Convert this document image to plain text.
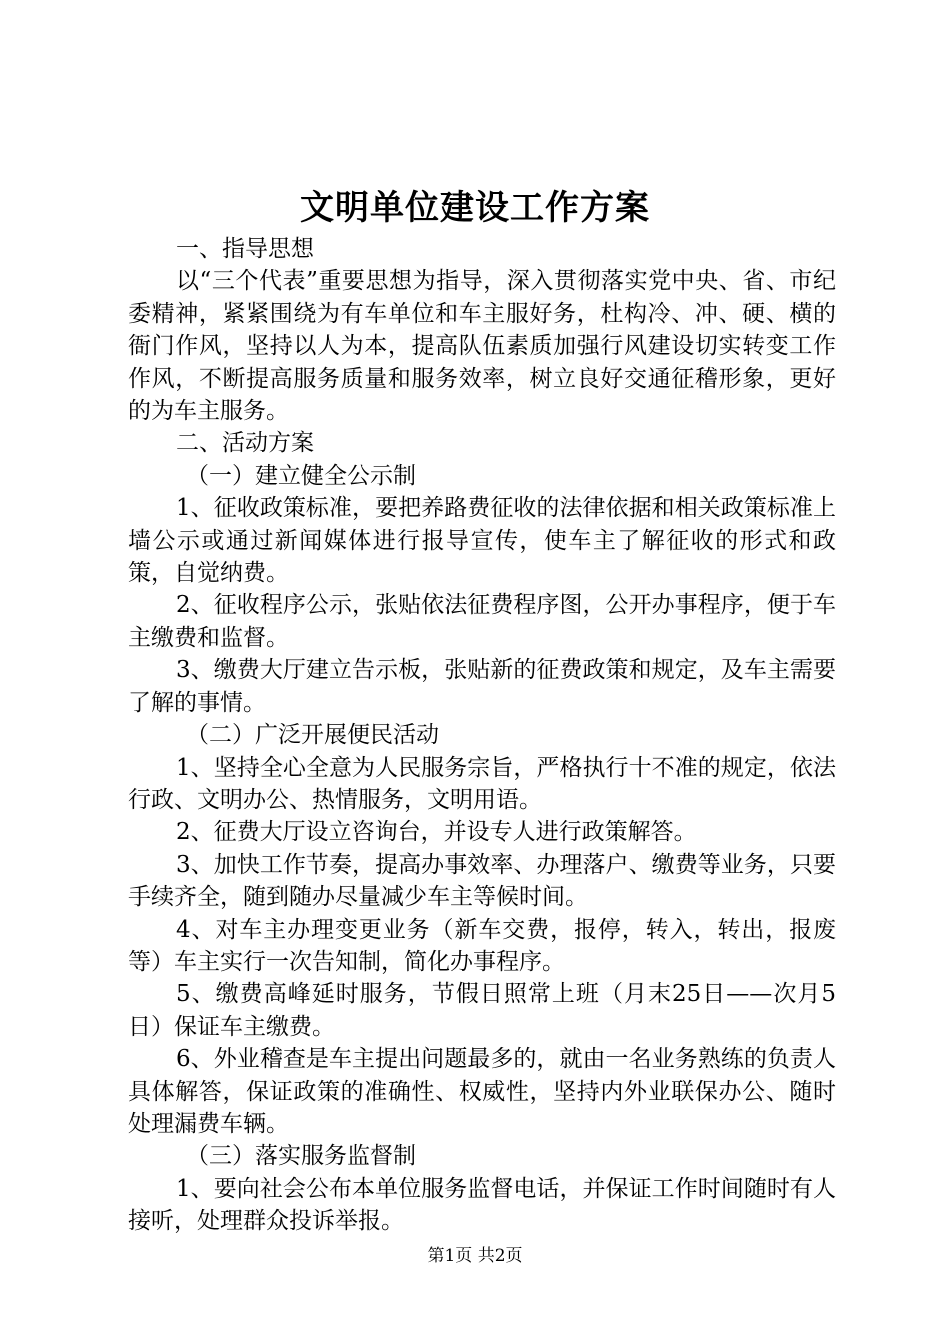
文明单位建设工作方案

一、指导思想

以“三个代表”重要思想为指导，深入贯彻落实党中央、省、市纪委精神，紧紧围绕为有车单位和车主服好务，杜构冷、冲、硬、横的衙门作风，坚持以人为本，提高队伍素质加强行风建设切实转变工作作风，不断提高服务质量和服务效率，树立良好交通征稽形象，更好的为车主服务。

二、活动方案

（一）建立健全公示制

1、征收政策标准，要把养路费征收的法律依据和相关政策标准上墙公示或通过新闻媒体进行报导宣传，使车主了解征收的形式和政策，自觉纳费。

2、征收程序公示，张贴依法征费程序图，公开办事程序，便于车主缴费和监督。

3、缴费大厅建立告示板，张贴新的征费政策和规定，及车主需要了解的事情。

（二）广泛开展便民活动

1、坚持全心全意为人民服务宗旨，严格执行十不准的规定，依法行政、文明办公、热情服务，文明用语。

2、征费大厅设立咨询台，并设专人进行政策解答。

3、加快工作节奏，提高办事效率、办理落户、缴费等业务，只要手续齐全，随到随办尽量减少车主等候时间。

4、对车主办理变更业务（新车交费，报停，转入，转出，报废等）车主实行一次告知制，简化办事程序。

5、缴费高峰延时服务，节假日照常上班（月末25日——次月5日）保证车主缴费。

6、外业稽查是车主提出问题最多的，就由一名业务熟练的负责人具体解答，保证政策的准确性、权威性，坚持内外业联保办公、随时处理漏费车辆。

（三）落实服务监督制

1、要向社会公布本单位服务监督电话，并保证工作时间随时有人接听，处理群众投诉举报。

第1页 共2页
